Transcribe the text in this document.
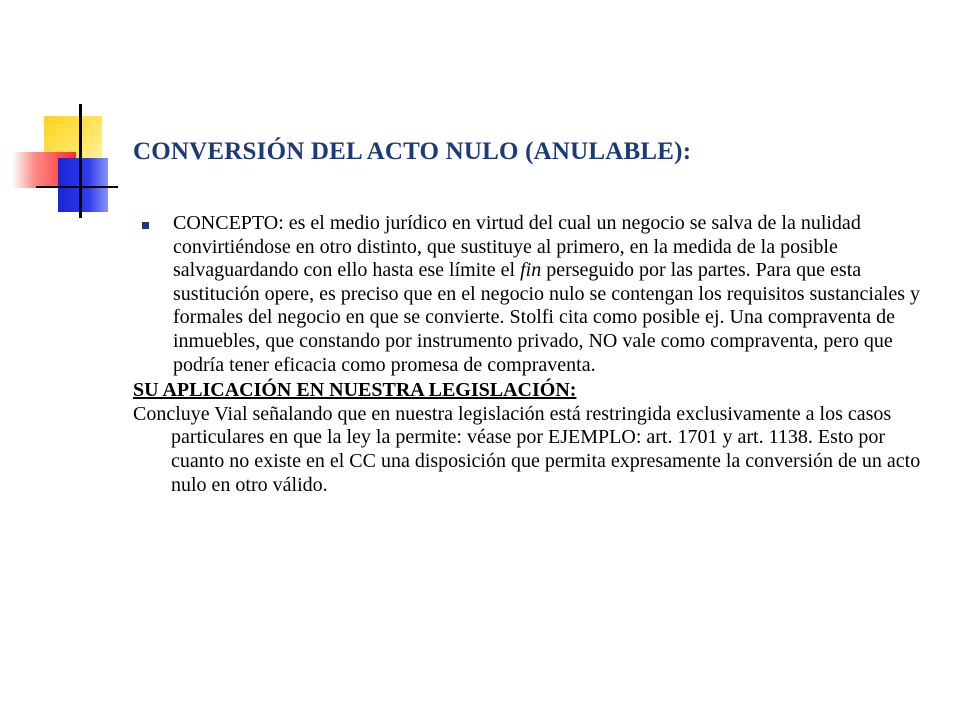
CONVERSIÓN DEL ACTO NULO (ANULABLE):
CONCEPTO: es el medio jurídico en virtud del cual un negocio se salva de la nulidad convirtiéndose en otro distinto, que sustituye al primero, en la medida de la posible salvaguardando con ello hasta ese límite el fin perseguido por las partes. Para que esta sustitución opere, es preciso que en el negocio nulo se contengan los requisitos sustanciales y formales del negocio en que se convierte. Stolfi cita como posible ej. Una compraventa de inmuebles, que constando por instrumento privado, NO vale como compraventa, pero que podría tener eficacia como promesa de compraventa.
SU APLICACIÓN EN NUESTRA LEGISLACIÓN:
Concluye Vial señalando que en nuestra legislación está restringida exclusivamente a los casos particulares en que la ley la permite: véase por EJEMPLO: art. 1701 y art. 1138. Esto por cuanto no existe en el CC una disposición que permita expresamente la conversión de un acto nulo en otro válido.
